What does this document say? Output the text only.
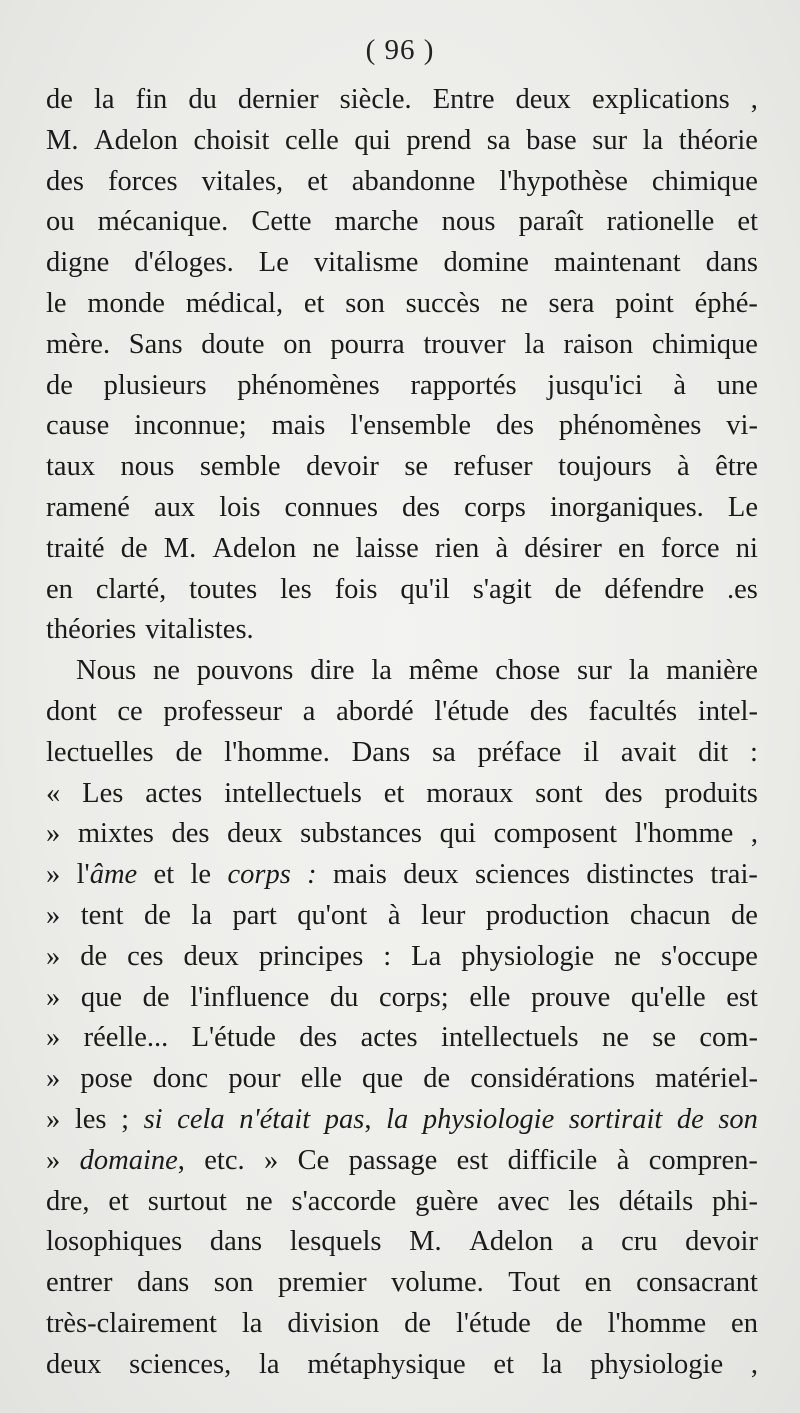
( 96 )
de la fin du dernier siècle. Entre deux explications ,
M. Adelon choisit celle qui prend sa base sur la théorie
des forces vitales, et abandonne l'hypothèse chimique
ou mécanique. Cette marche nous paraît rationelle et
digne d'éloges. Le vitalisme domine maintenant dans
le monde médical, et son succès ne sera point éphé-
mère. Sans doute on pourra trouver la raison chimique
de plusieurs phénomènes rapportés jusqu'ici à une
cause inconnue; mais l'ensemble des phénomènes vi-
taux nous semble devoir se refuser toujours à être
ramené aux lois connues des corps inorganiques. Le
traité de M. Adelon ne laisse rien à désirer en force ni
en clarté, toutes les fois qu'il s'agit de défendre .es
théories vitalistes.
Nous ne pouvons dire la même chose sur la manière
dont ce professeur a abordé l'étude des facultés intel-
lectuelles de l'homme. Dans sa préface il avait dit :
« Les actes intellectuels et moraux sont des produits
» mixtes des deux substances qui composent l'homme ,
» l'âme et le corps : mais deux sciences distinctes trai-
» tent de la part qu'ont à leur production chacun de
» de ces deux principes : La physiologie ne s'occupe
» que de l'influence du corps; elle prouve qu'elle est
» réelle... L'étude des actes intellectuels ne se com-
» pose donc pour elle que de considérations matériel-
» les ; si cela n'était pas, la physiologie sortirait de son
» domaine, etc. » Ce passage est difficile à compren-
dre, et surtout ne s'accorde guère avec les détails phi-
losophiques dans lesquels M. Adelon a cru devoir
entrer dans son premier volume. Tout en consacrant
très-clairement la division de l'étude de l'homme en
deux sciences, la métaphysique et la physiologie ,
